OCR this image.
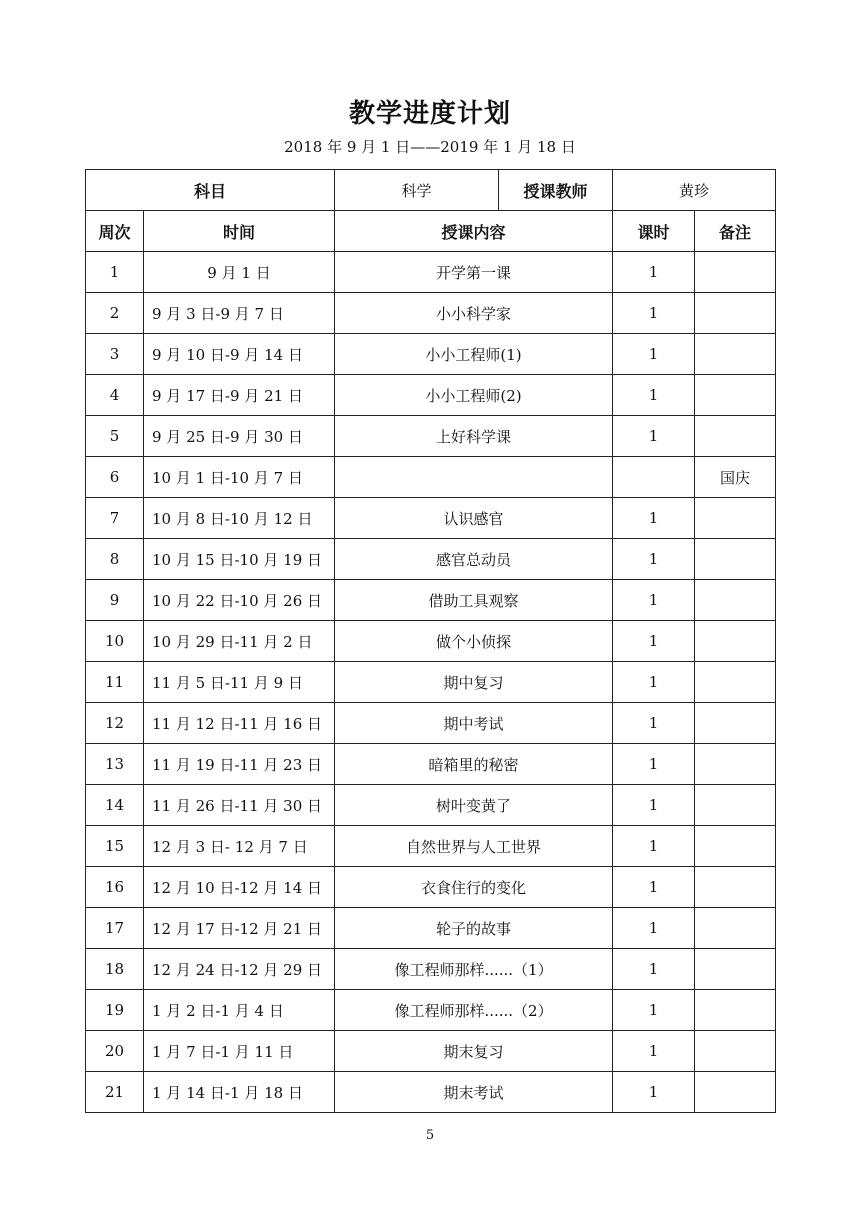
教学进度计划

2018 年 9 月 1 日——2019 年 1 月 18 日

科目		科学	授课教师	黄珍	
周次	时间	授课内容		课时	备注
1	9 月 1 日	开学第一课		1	
2	9 月 3 日-9 月 7 日	小小科学家		1	
3	9 月 10 日-9 月 14 日	小小工程师(1)		1	
4	9 月 17 日-9 月 21 日	小小工程师(2)		1	
5	9 月 25 日-9 月 30 日	上好科学课		1	
6	10 月 1 日-10 月 7 日				国庆
7	10 月 8 日-10 月 12 日	认识感官		1	
8	10 月 15 日-10 月 19 日	感官总动员		1	
9	10 月 22 日-10 月 26 日	借助工具观察		1	
10	10 月 29 日-11 月 2 日	做个小侦探		1	
11	11 月 5 日-11 月 9 日	期中复习		1	
12	11 月 12 日-11 月 16 日	期中考试		1	
13	11 月 19 日-11 月 23 日	暗箱里的秘密		1	
14	11 月 26 日-11 月 30 日	树叶变黄了		1	
15	12 月 3 日- 12 月 7 日	自然世界与人工世界		1	
16	12 月 10 日-12 月 14 日	衣食住行的变化		1	
17	12 月 17 日-12 月 21 日	轮子的故事		1	
18	12 月 24 日-12 月 29 日	像工程师那样......（1）		1	
19	1 月 2 日-1 月 4 日	像工程师那样......（2）		1	
20	1 月 7 日-1 月 11 日	期末复习		1	
21	1 月 14 日-1 月 18 日	期末考试		1	

5
